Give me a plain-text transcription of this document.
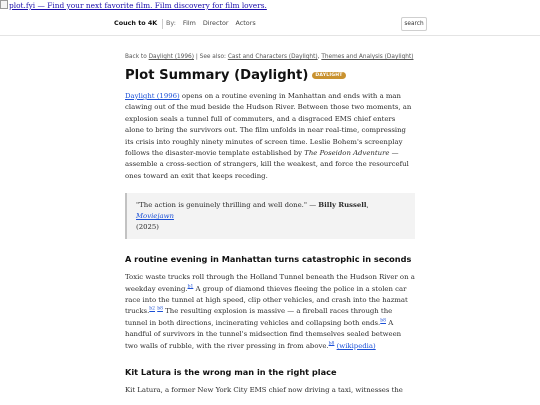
plot.fyi — Find your next favorite film. Film discovery for film lovers.
Couch to 4K By: Film Director Actors	search
Back to Daylight (1996) | See also: Cast and Characters (Daylight), Themes and Analysis (Daylight)
Plot Summary (Daylight)	DAYLIGHT

Daylight (1996) opens on a routine evening in Manhattan and ends with a man clawing out of the mud beside the Hudson River. Between those two moments, an explosion seals a tunnel full of commuters, and a disgraced EMS chief enters alone to bring the survivors out. The film unfolds in near real-time, compressing its crisis into roughly ninety minutes of screen time. Leslie Bohem's screenplay follows the disaster-movie template established by The Poseidon Adventure — assemble a cross-section of strangers, kill the weakest, and force the resourceful ones toward an exit that keeps receding.

"The action is genuinely thrilling and well done." — Billy Russell, Moviejawn
(2025)
A routine evening in Manhattan turns catastrophic in seconds

Toxic waste trucks roll through the Holland Tunnel beneath the Hudson River on a weekday evening.$^{b1}$ A group of diamond thieves fleeing the police in a stolen car race into the tunnel at high speed, clip other vehicles, and crash into the hazmat trucks.$^{b2}$ $^{b8}$ The resulting explosion is massive — a fireball races through the tunnel in both directions, incinerating vehicles and collapsing both ends.$^{b8}$ A handful of survivors in the tunnel's midsection find themselves sealed between two walls of rubble, with the river pressing in from above.$^{b8}$ (wikipedia)

Kit Latura is the wrong man in the right place

Kit Latura, a former New York City EMS chief now driving a taxi, witnesses the
